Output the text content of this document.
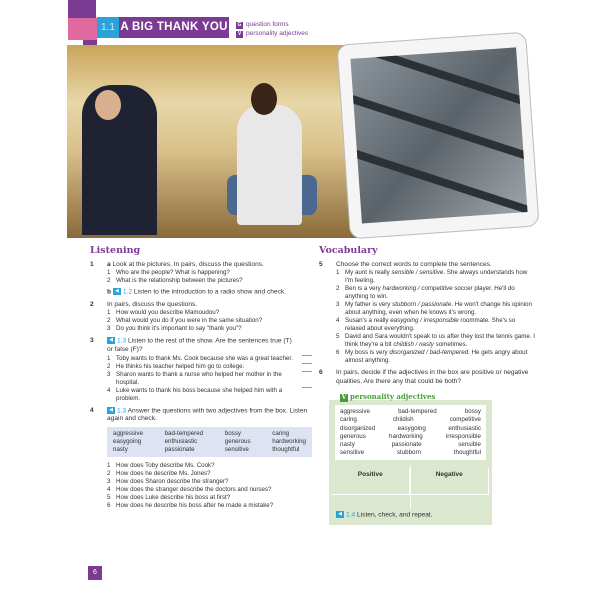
1.1 A BIG THANK YOU	G question forms
V personality adjectives
Listening
1	a Look at the pictures. In pairs, discuss the questions.
1 Who are the people? What is happening?
2 What is the relationship between the pictures?
b ◀ 1.2 Listen to the introduction to a radio show and check.
2	In pairs, discuss the questions.
1 How would you describe Mamoudou?
2 What would you do if you were in the same situation?
3 Do you think it's important to say "thank you"?
3	◀ 1.3 Listen to the rest of the show. Are the sentences true (T) or false (F)?
1 Toby wants to thank Ms. Cook because she was a great teacher.
2 He thinks his teacher helped him go to college.
3 Sharon wants to thank a nurse who helped her mother in the hospital.
4 Luke wants to thank his boss because she helped him with a problem.
4	◀ 1.3 Answer the questions with two adjectives from the box. Listen again and check.
aggressive	bad-tempered	bossy	caring
easygoing	enthusiastic	generous	hardworking
nasty	passionate	sensitive	thoughtful
1 How does Toby describe Ms. Cook?
2 How does he describe Ms. Jones?
3 How does Sharon describe the stranger?
4 How does the stranger describe the doctors and nurses?
5 How does Luke describe his boss at first?
6 How does he describe his boss after he made a mistake?
Vocabulary
5	Choose the correct words to complete the sentences.
1 My aunt is really sensible / sensitive. She always understands how I'm feeling.
2 Ben is a very hardworking / competitive soccer player. He'll do anything to win.
3 My father is very stubborn / passionate. He won't change his opinion about anything, even when he knows it's wrong.
4 Susan's a really easygoing / irresponsible roommate. She's so relaxed about everything.
5 David and Sara wouldn't speak to us after they lost the tennis game. I think they're a bit childish / nasty sometimes.
6 My boss is very disorganized / bad-tempered. He gets angry about almost anything.
6	In pairs, decide if the adjectives in the box are positive or negative qualities. Are there any that could be both?
V personality adjectives
aggressive	bad-tempered	bossy
caring	childish	competitive
disorganized	easygoing	enthusiastic
generous	hardworking	irresponsible
nasty	passionate	sensible
sensitive	stubborn	thoughtful
Positive	Negative
◀ 1.4 Listen, check, and repeat.
6
